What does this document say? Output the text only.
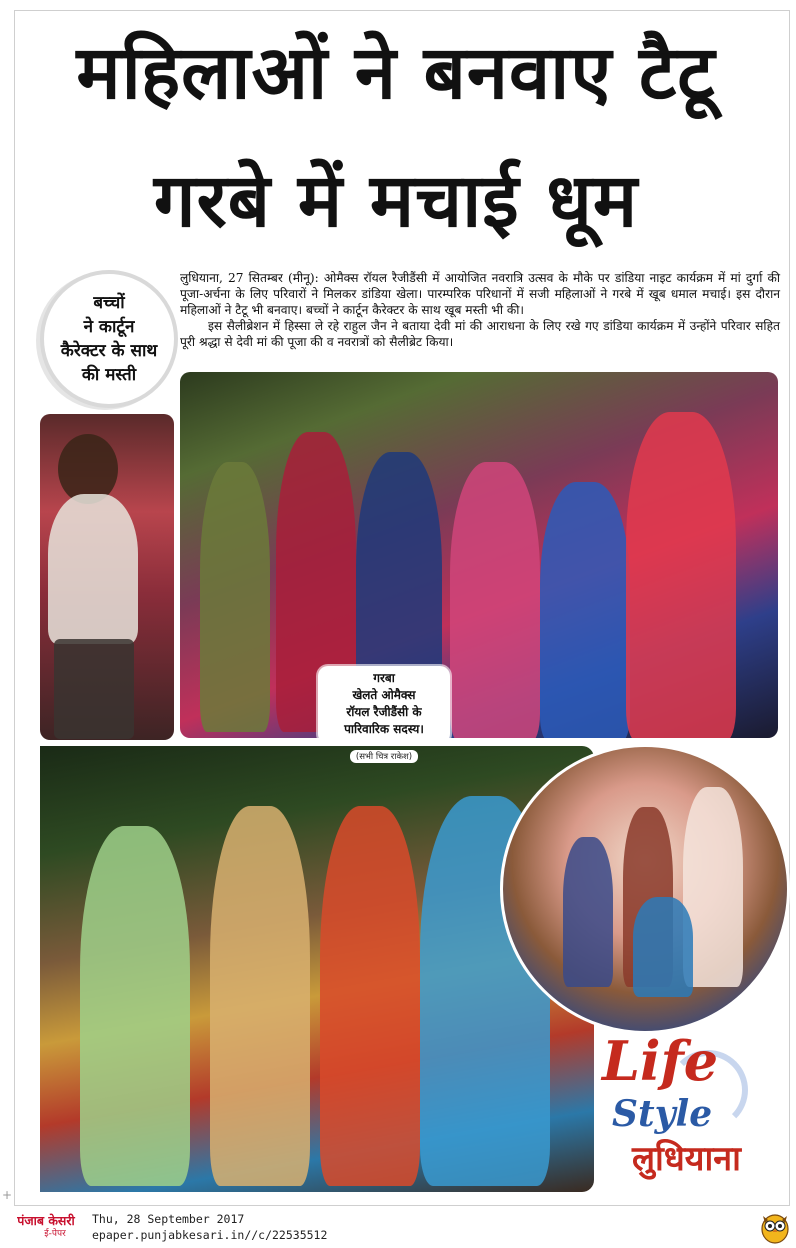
महिलाओं ने बनवाए टैटू
गरबे में मचाई धूम
बच्चों
ने कार्टून
कैरेक्टर के साथ
की मस्ती

लुधियाना, 27 सितम्बर (मीनू): ओमैक्स रॉयल रैजीडैंसी में आयोजित नवरात्रि उत्सव के मौके पर डांडिया नाइट कार्यक्रम में मां दुर्गा की पूजा-अर्चना के लिए परिवारों ने मिलकर डांडिया खेला। पारम्परिक परिधानों में सजी महिलाओं ने गरबे में खूब धमाल मचाई। इस दौरान महिलाओं ने टैटू भी बनवाए। बच्चों ने कार्टून कैरेक्टर के साथ खूब मस्ती भी की।

इस सैलीब्रेशन में हिस्सा ले रहे राहुल जैन ने बताया देवी मां की आराधना के लिए रखे गए डांडिया कार्यक्रम में उन्होंने परिवार सहित पूरी श्रद्धा से देवी मां की पूजा की व नवरात्रों को सैलीब्रेट किया।

गरबा
खेलते ओमैक्स
रॉयल रैजीडैंसी के
पारिवारिक सदस्य।
(सभी चित्र राकेश)
Life
Style
लुधियाना
+
पंजाब केसरी
ई-पेपर
Thu, 28 September 2017
epaper.punjabkesari.in//c/22535512
